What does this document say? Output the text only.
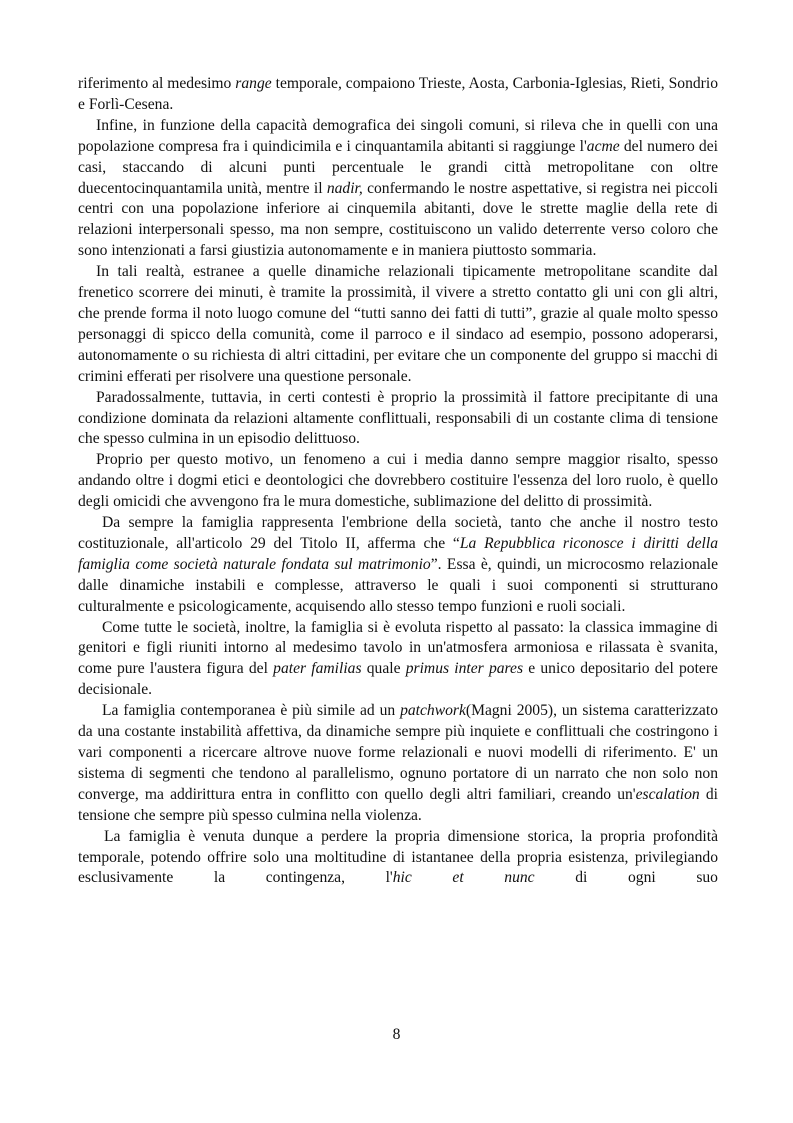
riferimento al medesimo range temporale, compaiono Trieste, Aosta, Carbonia-Iglesias, Rieti, Sondrio e Forlì-Cesena.

Infine, in funzione della capacità demografica dei singoli comuni, si rileva che in quelli con una popolazione compresa fra i quindicimila e i cinquantamila abitanti si raggiunge l'acme del numero dei casi, staccando di alcuni punti percentuale le grandi città metropolitane con oltre duecentocinquantamila unità, mentre il nadir, confermando le nostre aspettative, si registra nei piccoli centri con una popolazione inferiore ai cinquemila abitanti, dove le strette maglie della rete di relazioni interpersonali spesso, ma non sempre, costituiscono un valido deterrente verso coloro che sono intenzionati a farsi giustizia autonomamente e in maniera piuttosto sommaria.

In tali realtà, estranee a quelle dinamiche relazionali tipicamente metropolitane scandite dal frenetico scorrere dei minuti, è tramite la prossimità, il vivere a stretto contatto gli uni con gli altri, che prende forma il noto luogo comune del “tutti sanno dei fatti di tutti”, grazie al quale molto spesso personaggi di spicco della comunità, come il parroco e il sindaco ad esempio, possono adoperarsi, autonomamente o su richiesta di altri cittadini, per evitare che un componente del gruppo si macchi di crimini efferati per risolvere una questione personale.

Paradossalmente, tuttavia, in certi contesti è proprio la prossimità il fattore precipitante di una condizione dominata da relazioni altamente conflittuali, responsabili di un costante clima di tensione che spesso culmina in un episodio delittuoso.

Proprio per questo motivo, un fenomeno a cui i media danno sempre maggior risalto, spesso andando oltre i dogmi etici e deontologici che dovrebbero costituire l'essenza del loro ruolo, è quello degli omicidi che avvengono fra le mura domestiche, sublimazione del delitto di prossimità.

Da sempre la famiglia rappresenta l'embrione della società, tanto che anche il nostro testo costituzionale, all'articolo 29 del Titolo II, afferma che “La Repubblica riconosce i diritti della famiglia come società naturale fondata sul matrimonio”. Essa è, quindi, un microcosmo relazionale dalle dinamiche instabili e complesse, attraverso le quali i suoi componenti si strutturano culturalmente e psicologicamente, acquisendo allo stesso tempo funzioni e ruoli sociali.

Come tutte le società, inoltre, la famiglia si è evoluta rispetto al passato: la classica immagine di genitori e figli riuniti intorno al medesimo tavolo in un'atmosfera armoniosa e rilassata è svanita, come pure l'austera figura del pater familias quale primus inter pares e unico depositario del potere decisionale.

La famiglia contemporanea è più simile ad un patchwork(Magni 2005), un sistema caratterizzato da una costante instabilità affettiva, da dinamiche sempre più inquiete e conflittuali che costringono i vari componenti a ricercare altrove nuove forme relazionali e nuovi modelli di riferimento. E' un sistema di segmenti che tendono al parallelismo, ognuno portatore di un narrato che non solo non converge, ma addirittura entra in conflitto con quello degli altri familiari, creando un'escalation di tensione che sempre più spesso culmina nella violenza.

La famiglia è venuta dunque a perdere la propria dimensione storica, la propria profondità temporale, potendo offrire solo una moltitudine di istantanee della propria esistenza, privilegiando esclusivamente la contingenza, l'hic et nunc di ogni suo

8
